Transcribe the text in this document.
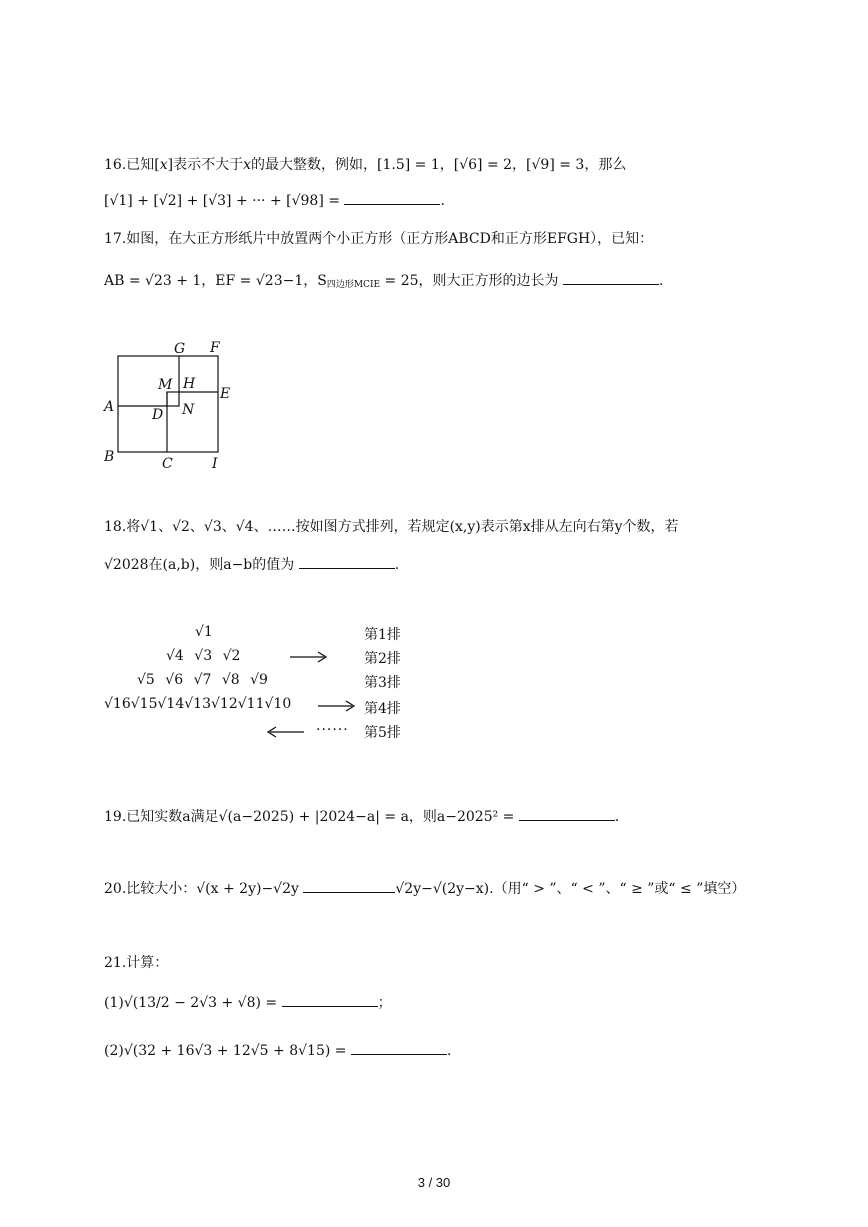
16.已知[x]表示不大于x的最大整数，例如，[1.5] = 1，[√6] = 2，[√9] = 3，那么
[√1] + [√2] + [√3] + ··· + [√98] =	.
17.如图，在大正方形纸片中放置两个小正方形（正方形ABCD和正方形EFGH），已知：
AB = √23 + 1，EF = √23−1，$S_{四边形MCIE} = 25$，则大正方形的边长为	.
G F
M H
E
A	D N
B	C	I
18.将√1、√2、√3、√4、……按如图方式排列，若规定(x,y)表示第x排从左向右第y个数，若
√2028在(a,b)，则a−b的值为	.
√1
√4 √3 √2
√5 √6 √7 √8 √9
√16√15√14√13√12√11√10
······
第1排
第2排
第3排
第4排
第5排
19.已知实数a满足√(a−2025) + |2024−a| = a，则a−2025² =	.
20.比较大小：√(x + 2y)−√2y	√2y−√(2y−x).（用“ > ”、“ < ”、“ ≥ ”或“ ≤ ”填空）
21.计算：
(1)√(13/2 − 2√3 + √8) =	；
(2)√(32 + 16√3 + 12√5 + 8√15) =	.
3 / 30
